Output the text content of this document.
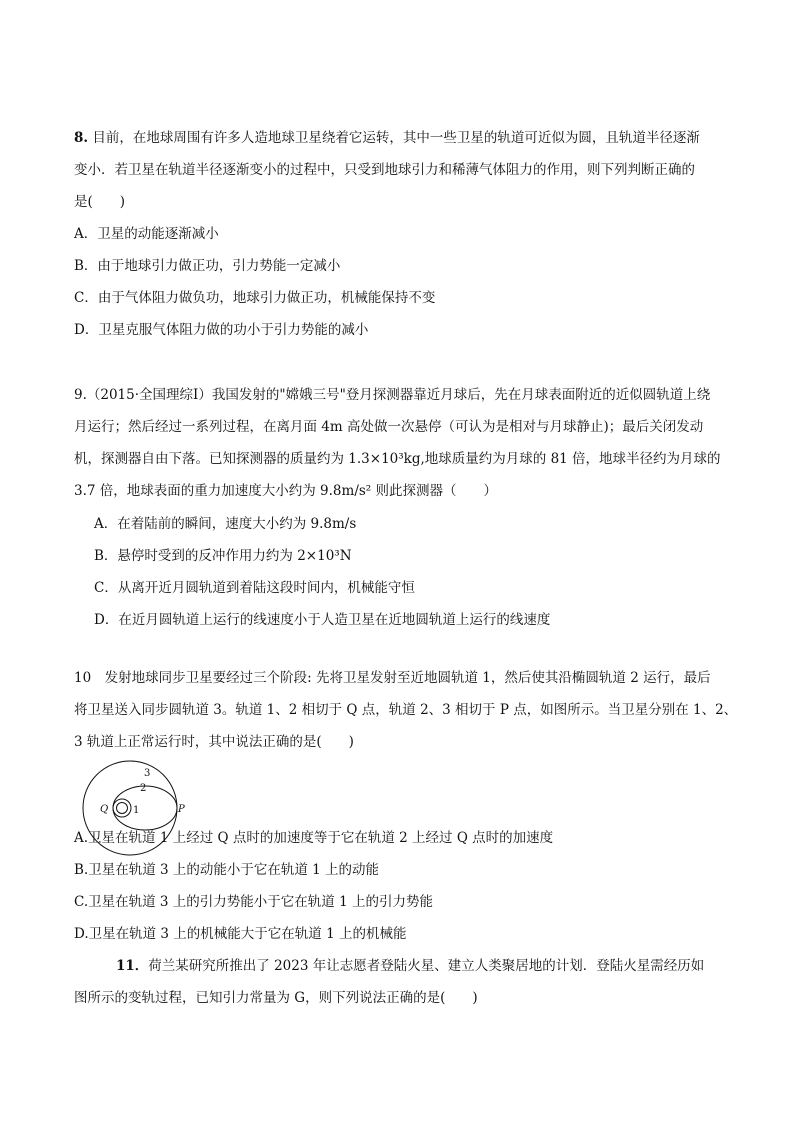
8. 目前，在地球周围有许多人造地球卫星绕着它运转，其中一些卫星的轨道可近似为圆，且轨道半径逐渐
变小．若卫星在轨道半径逐渐变小的过程中，只受到地球引力和稀薄气体阻力的作用，则下列判断正确的
是(　　)
A．卫星的动能逐渐减小
B．由于地球引力做正功，引力势能一定减小
C．由于气体阻力做负功，地球引力做正功，机械能保持不变
D．卫星克服气体阻力做的功小于引力势能的减小
9.（2015·全国理综Ⅰ）我国发射的"嫦娥三号"登月探测器靠近月球后，先在月球表面附近的近似圆轨道上绕
月运行；然后经过一系列过程，在离月面 4m 高处做一次悬停（可认为是相对与月球静止)；最后关闭发动
机，探测器自由下落。已知探测器的质量约为 1.3×10³kg,地球质量约为月球的 81 倍，地球半径约为月球的
3.7 倍，地球表面的重力加速度大小约为 9.8m/s² 则此探测器（　　）
A．在着陆前的瞬间，速度大小约为 9.8m/s
B．悬停时受到的反冲作用力约为 2×10³N
C．从离开近月圆轨道到着陆这段时间内，机械能守恒
D．在近月圆轨道上运行的线速度小于人造卫星在近地圆轨道上运行的线速度
10　发射地球同步卫星要经过三个阶段: 先将卫星发射至近地圆轨道 1，然后使其沿椭圆轨道 2 运行，最后
将卫星送入同步圆轨道 3。轨道 1、2 相切于 Q 点，轨道 2、3 相切于 P 点，如图所示。当卫星分别在 1、2、
3 轨道上正常运行时，其中说法正确的是(　　)
Q	P
1
2
3
A.卫星在轨道 1 上经过 Q 点时的加速度等于它在轨道 2 上经过 Q 点时的加速度
B.卫星在轨道 3 上的动能小于它在轨道 1 上的动能
C.卫星在轨道 3 上的引力势能小于它在轨道 1 上的引力势能
D.卫星在轨道 3 上的机械能大于它在轨道 1 上的机械能
11．荷兰某研究所推出了 2023 年让志愿者登陆火星、建立人类聚居地的计划．登陆火星需经历如
图所示的变轨过程，已知引力常量为 G，则下列说法正确的是(　　)
